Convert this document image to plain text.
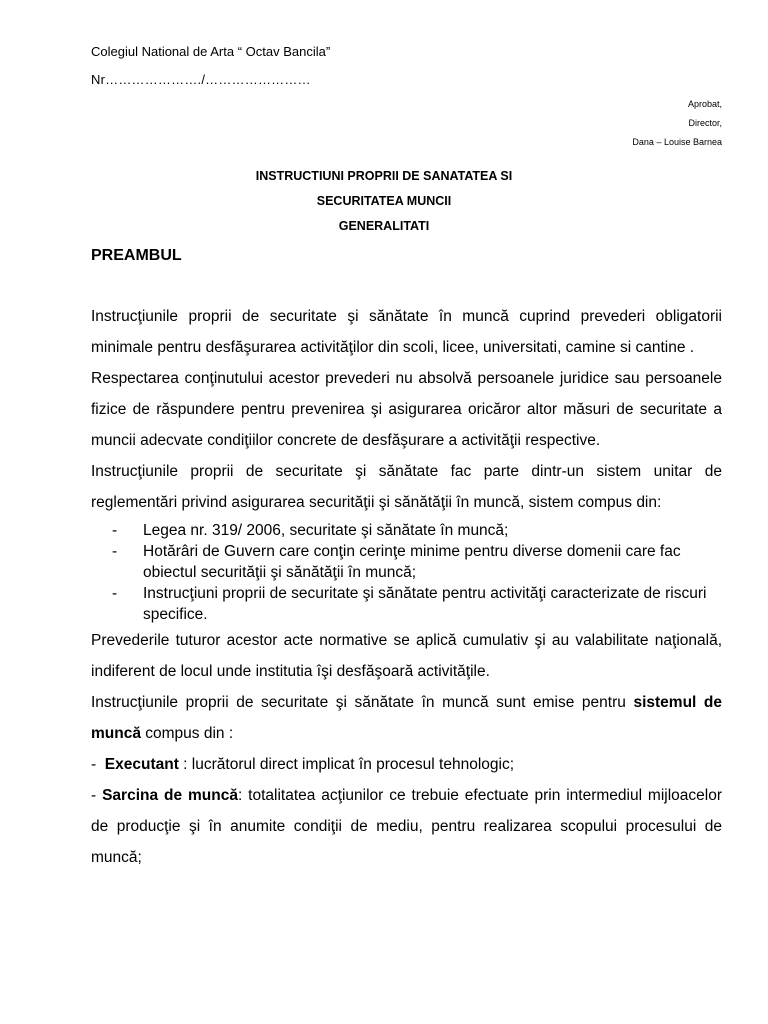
Colegiul National de Arta “ Octav Bancila”
Nr…………………./……………………
Aprobat,
Director,
Dana – Louise Barnea
INSTRUCTIUNI PROPRII DE SANATATEA SI
SECURITATEA MUNCII
GENERALITATI
PREAMBUL

Instrucţiunile proprii de securitate şi sănătate în muncă cuprind prevederi obligatorii minimale pentru desfăşurarea activităţilor din scoli, licee, universitati, camine si cantine .

Respectarea conţinutului acestor prevederi nu absolvă persoanele juridice sau persoanele fizice de răspundere pentru prevenirea şi asigurarea oricăror altor măsuri de securitate a muncii adecvate condiţiilor concrete de desfăşurare a activităţii respective.

Instrucţiunile proprii de securitate şi sănătate fac parte dintr-un sistem unitar de reglementări privind asigurarea securităţii şi sănătăţii în muncă, sistem compus din:

- Legea nr. 319/ 2006, securitate şi sănătate în muncă;
- Hotărâri de Guvern care conţin cerinţe minime pentru diverse domenii care fac obiectul securităţii şi sănătăţii în muncă;
- Instrucţiuni proprii de securitate şi sănătate pentru activităţi caracterizate de riscuri specifice.

Prevederile tuturor acestor acte normative se aplică cumulativ şi au valabilitate naţională, indiferent de locul unde institutia îşi desfăşoară activităţile.

Instrucţiunile proprii de securitate şi sănătate în muncă sunt emise pentru sistemul de muncă compus din :

-  Executant : lucrătorul direct implicat în procesul tehnologic;

- Sarcina de muncă: totalitatea acţiunilor ce trebuie efectuate prin intermediul mijloacelor de producţie şi în anumite condiţii de mediu, pentru realizarea scopului procesului de muncă;
